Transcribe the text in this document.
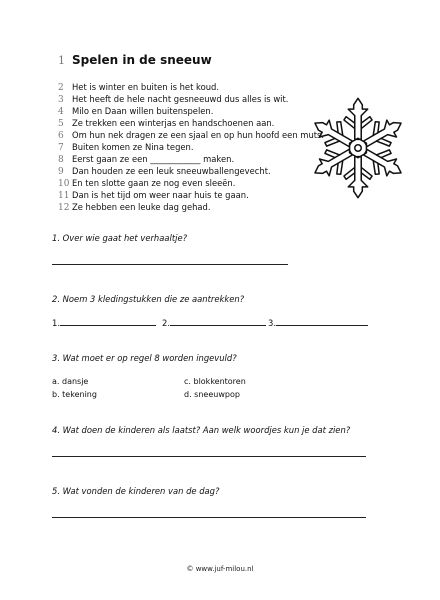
1 Spelen in de sneeuw
2 Het is winter en buiten is het koud.
3 Het heeft de hele nacht gesneeuwd dus alles is wit.
4 Milo en Daan willen buitenspelen.
5 Ze trekken een winterjas en handschoenen aan.
6 Om hun nek dragen ze een sjaal en op hun hoofd een muts.
7 Buiten komen ze Nina tegen.
8 Eerst gaan ze een ____________ maken.
9 Dan houden ze een leuk sneeuwballengevecht.
10 En ten slotte gaan ze nog even sleeën.
11 Dan is het tijd om weer naar huis te gaan.
12 Ze hebben een leuke dag gehad.
1. Over wie gaat het verhaaltje?
2. Noem 3 kledingstukken die ze aantrekken?
1.	2.	3.
3. Wat moet er op regel 8 worden ingevuld?
a. dansje	c. blokkentoren
b. tekening	d. sneeuwpop
4. Wat doen de kinderen als laatst? Aan welk woordjes kun je dat zien?
5. Wat vonden de kinderen van de dag?
© www.juf-milou.nl
